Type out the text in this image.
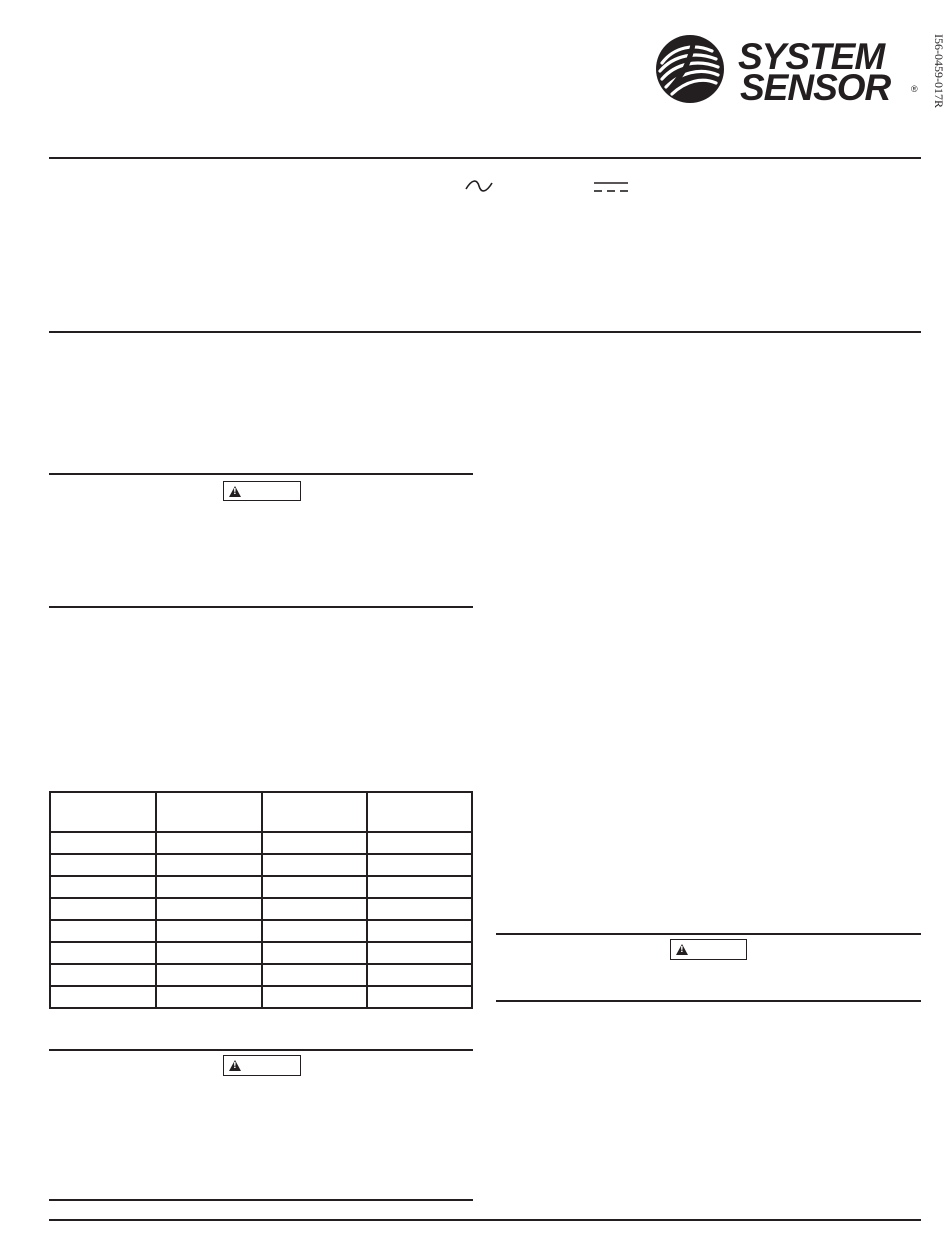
SYSTEM
SENSOR ® I56-0459-017R
!

!
!
